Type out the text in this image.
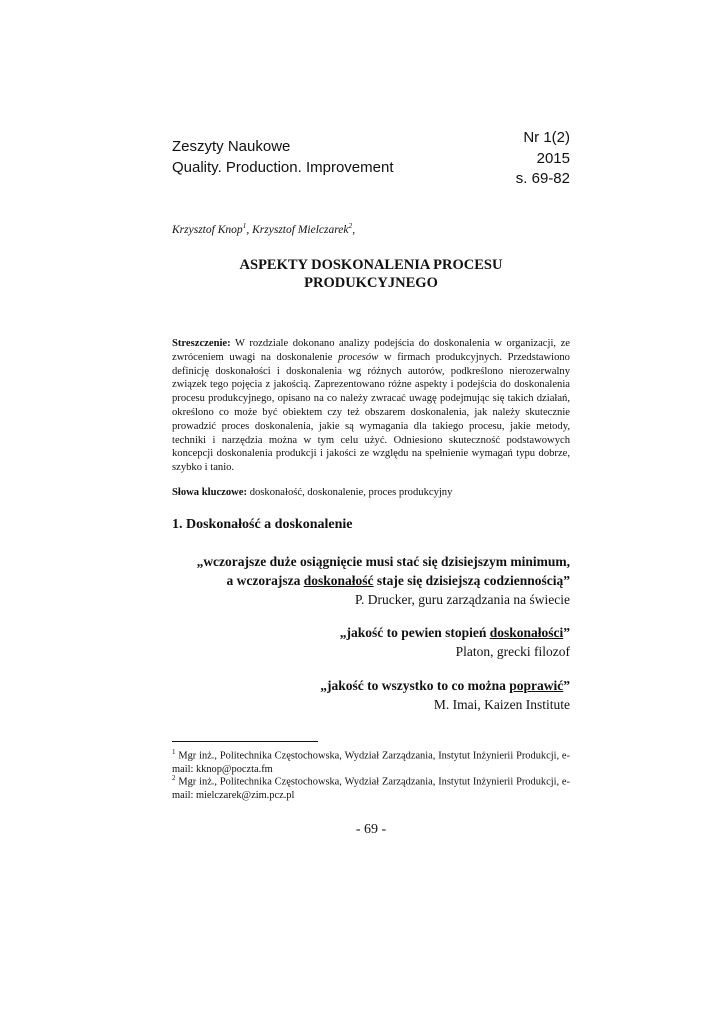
Zeszyty Naukowe
Quality. Production. Improvement
Nr 1(2)
2015
s. 69-82
Krzysztof Knop$^1$, Krzysztof Mielczarek$^2$,
ASPEKTY DOSKONALENIA PROCESU
PRODUKCYJNEGO

Streszczenie: W rozdziale dokonano analizy podejścia do doskonalenia w organizacji, ze zwróceniem uwagi na doskonalenie procesów w firmach produkcyjnych. Przedstawiono definicję doskonałości i doskonalenia wg różnych autorów, podkreślono nierozerwalny związek tego pojęcia z jakością. Zaprezentowano różne aspekty i podejścia do doskonalenia procesu produkcyjnego, opisano na co należy zwracać uwagę podejmując się takich działań, określono co może być obiektem czy też obszarem doskonalenia, jak należy skutecznie prowadzić proces doskonalenia, jakie są wymagania dla takiego procesu, jakie metody, techniki i narzędzia można w tym celu użyć. Odniesiono skuteczność podstawowych koncepcji doskonalenia produkcji i jakości ze względu na spełnienie wymagań typu dobrze, szybko i tanio.

Słowa kluczowe: doskonałość, doskonalenie, proces produkcyjny

1. Doskonałość a doskonalenie
„wczorajsze duże osiągnięcie musi stać się dzisiejszym minimum,
a wczorajsza doskonałość staje się dzisiejszą codziennością”
P. Drucker, guru zarządzania na świecie
„jakość to pewien stopień doskonałości”
Platon, grecki filozof
„jakość to wszystko to co można poprawić”
M. Imai, Kaizen Institute

$^1$ Mgr inż., Politechnika Częstochowska, Wydział Zarządzania, Instytut Inżynierii Produkcji, e-mail: kknop@poczta.fm

$^2$ Mgr inż., Politechnika Częstochowska, Wydział Zarządzania, Instytut Inżynierii Produkcji, e-mail: mielczarek@zim.pcz.pl

- 69 -
